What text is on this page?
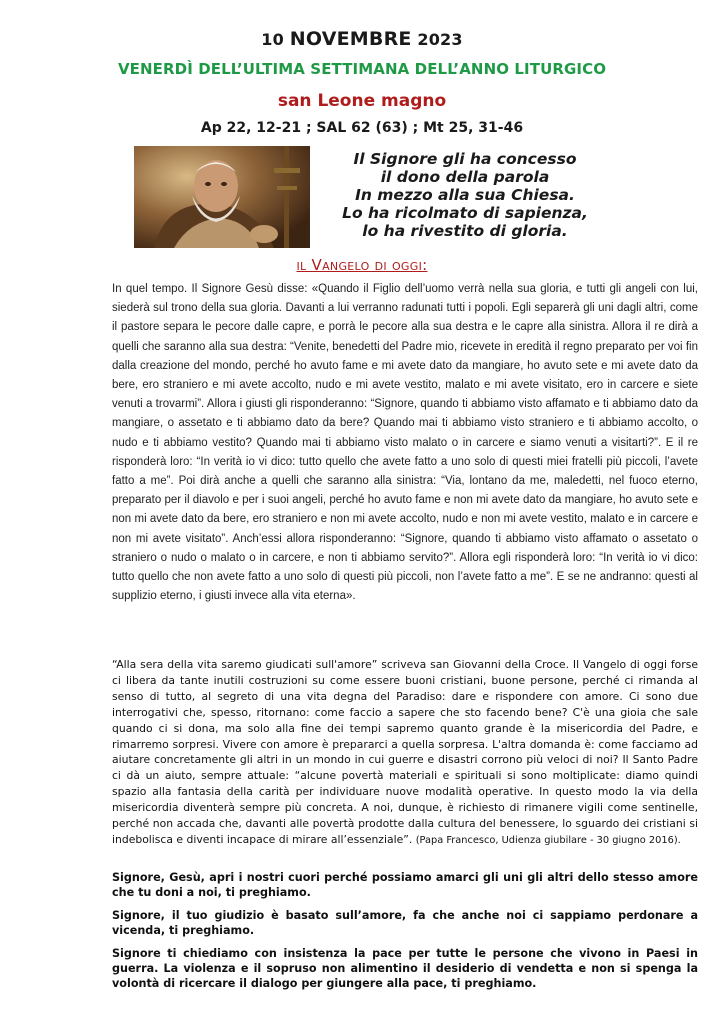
10 NOVEMBRE 2023
VENERDÌ DELL’ULTIMA SETTIMANA DELL’ANNO LITURGICO
san Leone magno
Ap 22, 12-21 ; SAL 62 (63) ; Mt 25, 31-46
Il Signore gli ha concesso
il dono della parola
In mezzo alla sua Chiesa.
Lo ha ricolmato di sapienza,
lo ha rivestito di gloria.
il Vangelo di oggi:
In quel tempo. Il Signore Gesù disse: «Quando il Figlio dell’uomo verrà nella sua gloria, e tutti gli angeli con lui, siederà sul trono della sua gloria. Davanti a lui verranno radunati tutti i popoli. Egli separerà gli uni dagli altri, come il pastore separa le pecore dalle capre, e porrà le pecore alla sua destra e le capre alla sinistra. Allora il re dirà a quelli che saranno alla sua destra: “Venite, benedetti del Padre mio, ricevete in eredità il regno preparato per voi fin dalla creazione del mondo, perché ho avuto fame e mi avete dato da mangiare, ho avuto sete e mi avete dato da bere, ero straniero e mi avete accolto, nudo e mi avete vestito, malato e mi avete visitato, ero in carcere e siete venuti a trovarmi”. Allora i giusti gli risponderanno: “Signore, quando ti abbiamo visto affamato e ti abbiamo dato da mangiare, o assetato e ti abbiamo dato da bere? Quando mai ti abbiamo visto straniero e ti abbiamo accolto, o nudo e ti abbiamo vestito? Quando mai ti abbiamo visto malato o in carcere e siamo venuti a visitarti?”. E il re risponderà loro: “In verità io vi dico: tutto quello che avete fatto a uno solo di questi miei fratelli più piccoli, l’avete fatto a me”. Poi dirà anche a quelli che saranno alla sinistra: “Via, lontano da me, maledetti, nel fuoco eterno, preparato per il diavolo e per i suoi angeli, perché ho avuto fame e non mi avete dato da mangiare, ho avuto sete e non mi avete dato da bere, ero straniero e non mi avete accolto, nudo e non mi avete vestito, malato e in carcere e non mi avete visitato”. Anch’essi allora risponderanno: “Signore, quando ti abbiamo visto affamato o assetato o straniero o nudo o malato o in carcere, e non ti abbiamo servito?”. Allora egli risponderà loro: “In verità io vi dico: tutto quello che non avete fatto a uno solo di questi più piccoli, non l’avete fatto a me”. E se ne andranno: questi al supplizio eterno, i giusti invece alla vita eterna».
“Alla sera della vita saremo giudicati sull'amore” scriveva san Giovanni della Croce. Il Vangelo di oggi forse ci libera da tante inutili costruzioni su come essere buoni cristiani, buone persone, perché ci rimanda al senso di tutto, al segreto di una vita degna del Paradiso: dare e rispondere con amore. Ci sono due interrogativi che, spesso, ritornano: come faccio a sapere che sto facendo bene? C'è una gioia che sale quando ci si dona, ma solo alla fine dei tempi sapremo quanto grande è la misericordia del Padre, e rimarremo sorpresi. Vivere con amore è prepararci a quella sorpresa. L'altra domanda è: come facciamo ad aiutare concretamente gli altri in un mondo in cui guerre e disastri corrono più veloci di noi? Il Santo Padre ci dà un aiuto, sempre attuale: “alcune povertà materiali e spirituali si sono moltiplicate: diamo quindi spazio alla fantasia della carità per individuare nuove modalità operative. In questo modo la via della misericordia diventerà sempre più concreta. A noi, dunque, è richiesto di rimanere vigili come sentinelle, perché non accada che, davanti alle povertà prodotte dalla cultura del benessere, lo sguardo dei cristiani si indebolisca e diventi incapace di mirare all’essenziale”. (Papa Francesco, Udienza giubilare - 30 giugno 2016).

Signore, Gesù, apri i nostri cuori perché possiamo amarci gli uni gli altri dello stesso amore che tu doni a noi, ti preghiamo.

Signore, il tuo giudizio è basato sull’amore, fa che anche noi ci sappiamo perdonare a vicenda, ti preghiamo.

Signore ti chiediamo con insistenza la pace per tutte le persone che vivono in Paesi in guerra. La violenza e il sopruso non alimentino il desiderio di vendetta e non si spenga la volontà di ricercare il dialogo per giungere alla pace, ti preghiamo.
